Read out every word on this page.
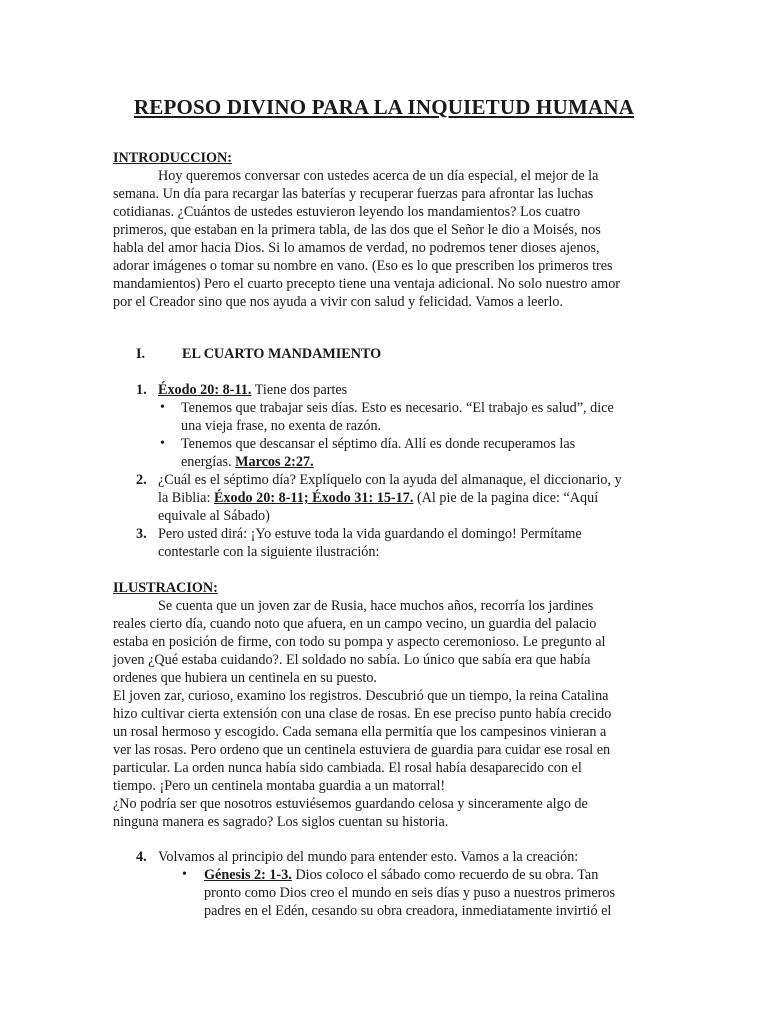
REPOSO DIVINO PARA LA INQUIETUD HUMANA
INTRODUCCION:
Hoy queremos conversar con ustedes acerca de un día especial, el mejor de la
semana. Un día para recargar las baterías y recuperar fuerzas para afrontar las luchas
cotidianas. ¿Cuántos de ustedes estuvieron leyendo los mandamientos? Los cuatro
primeros, que estaban en la primera tabla, de las dos que el Señor le dio a Moisés, nos
habla del amor hacia Dios. Si lo amamos de verdad, no podremos tener dioses ajenos,
adorar imágenes o tomar su nombre en vano. (Eso es lo que prescriben los primeros tres
mandamientos) Pero el cuarto precepto tiene una ventaja adicional. No solo nuestro amor
por el Creador sino que nos ayuda a vivir con salud y felicidad. Vamos a leerlo.
I.	EL CUARTO MANDAMIENTO
1. Éxodo 20: 8-11. Tiene dos partes
• Tenemos que trabajar seis días. Esto es necesario. “El trabajo es salud”, dice
una vieja frase, no exenta de razón.
• Tenemos que descansar el séptimo día. Allí es donde recuperamos las
energías. Marcos 2:27.
2. ¿Cuál es el séptimo día? Explíquelo con la ayuda del almanaque, el diccionario, y
la Biblia: Éxodo 20: 8-11; Éxodo 31: 15-17. (Al pie de la pagina dice: “Aquí
equivale al Sábado)
3. Pero usted dirá: ¡Yo estuve toda la vida guardando el domingo! Permítame
contestarle con la siguiente ilustración:
ILUSTRACION:
Se cuenta que un joven zar de Rusia, hace muchos años, recorría los jardines
reales cierto día, cuando noto que afuera, en un campo vecino, un guardia del palacio
estaba en posición de firme, con todo su pompa y aspecto ceremonioso. Le pregunto al
joven ¿Qué estaba cuidando?. El soldado no sabía. Lo único que sabía era que había
ordenes que hubiera un centinela en su puesto.
El joven zar, curioso, examino los registros. Descubrió que un tiempo, la reina Catalina
hizo cultivar cierta extensión con una clase de rosas. En ese preciso punto había crecido
un rosal hermoso y escogido. Cada semana ella permitía que los campesinos vinieran a
ver las rosas. Pero ordeno que un centinela estuviera de guardia para cuidar ese rosal en
particular. La orden nunca había sido cambiada. El rosal había desaparecido con el
tiempo. ¡Pero un centinela montaba guardia a un matorral!
¿No podría ser que nosotros estuviésemos guardando celosa y sinceramente algo de
ninguna manera es sagrado? Los siglos cuentan su historia.
4. Volvamos al principio del mundo para entender esto. Vamos a la creación:
• Génesis 2: 1-3. Dios coloco el sábado como recuerdo de su obra. Tan
pronto como Dios creo el mundo en seis días y puso a nuestros primeros
padres en el Edén, cesando su obra creadora, inmediatamente invirtió el
